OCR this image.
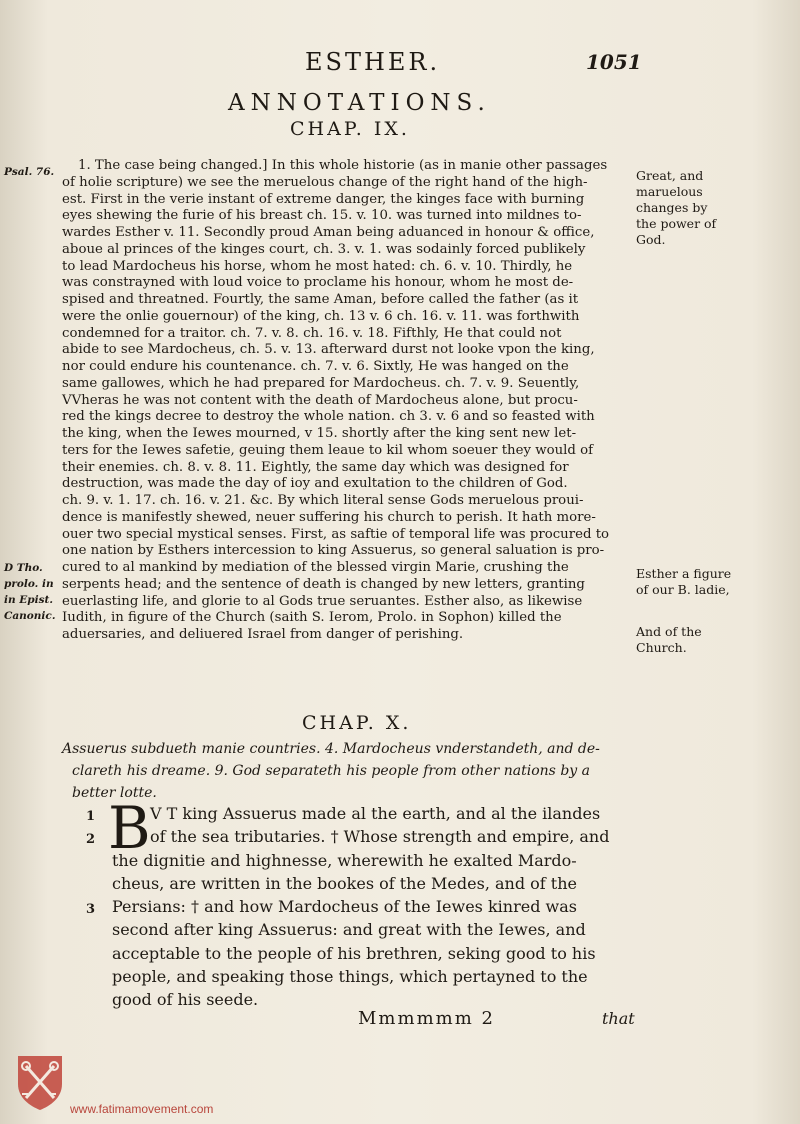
ESTHER.	1051
ANNOTATIONS.
CHAP. IX.
Psal. 76.
D Tho.
prolo. in
in Epist.
Canonic.
Great, and
maruelous
changes by
the power of
God.
Esther a figure
of our B. ladie,
And of the
Church.
1. The case being changed.] In this whole historie (as in manie other passages
of holie scripture) we see the meruelous change of the right hand of the high-
est. First in the verie instant of extreme danger, the kinges face with burning
eyes shewing the furie of his breast ch. 15. v. 10. was turned into mildnes to-
wardes Esther v. 11. Secondly proud Aman being aduanced in honour & office,
aboue al princes of the kinges court, ch. 3. v. 1. was sodainly forced publikely
to lead Mardocheus his horse, whom he most hated: ch. 6. v. 10. Thirdly, he
was constrayned with loud voice to proclame his honour, whom he most de-
spised and threatned. Fourtly, the same Aman, before called the father (as it
were the onlie gouernour) of the king, ch. 13 v. 6 ch. 16. v. 11. was forthwith
condemned for a traitor. ch. 7. v. 8. ch. 16. v. 18. Fifthly, He that could not
abide to see Mardocheus, ch. 5. v. 13. afterward durst not looke vpon the king,
nor could endure his countenance. ch. 7. v. 6. Sixtly, He was hanged on the
same gallowes, which he had prepared for Mardocheus. ch. 7. v. 9. Seuently,
VVheras he was not content with the death of Mardocheus alone, but procu-
red the kings decree to destroy the whole nation. ch 3. v. 6 and so feasted with
the king, when the Iewes mourned, v 15. shortly after the king sent new let-
ters for the Iewes safetie, geuing them leaue to kil whom soeuer they would of
their enemies. ch. 8. v. 8. 11. Eightly, the same day which was designed for
destruction, was made the day of ioy and exultation to the children of God.
ch. 9. v. 1. 17. ch. 16. v. 21. &c. By which literal sense Gods meruelous proui-
dence is manifestly shewed, neuer suffering his church to perish. It hath more-
ouer two special mystical senses. First, as saftie of temporal life was procured to
one nation by Esthers intercession to king Assuerus, so general saluation is pro-
cured to al mankind by mediation of the blessed virgin Marie, crushing the
serpents head; and the sentence of death is changed by new letters, granting
euerlasting life, and glorie to al Gods true seruantes. Esther also, as likewise
Iudith, in figure of the Church (saith S. Ierom, Prolo. in Sophon) killed the
aduersaries, and deliuered Israel from danger of perishing.
CHAP. X.
Assuerus subdueth manie countries. 4. Mardocheus vnderstandeth, and de-
clareth his dreame. 9. God separateth his people from other nations by a
better lotte.
1
2
3
B V T king Assuerus made al the earth, and al the ilandes
of the sea tributaries. † Whose strength and empire, and
the dignitie and highnesse, wherewith he exalted Mardo-
cheus, are written in the bookes of the Medes, and of the
Persians: † and how Mardocheus of the Iewes kinred was
second after king Assuerus: and great with the Iewes, and
acceptable to the people of his brethren, seking good to his
people, and speaking those things, which pertayned to the
good of his seede.
Mmmmmm 2	that
www.fatimamovement.com
